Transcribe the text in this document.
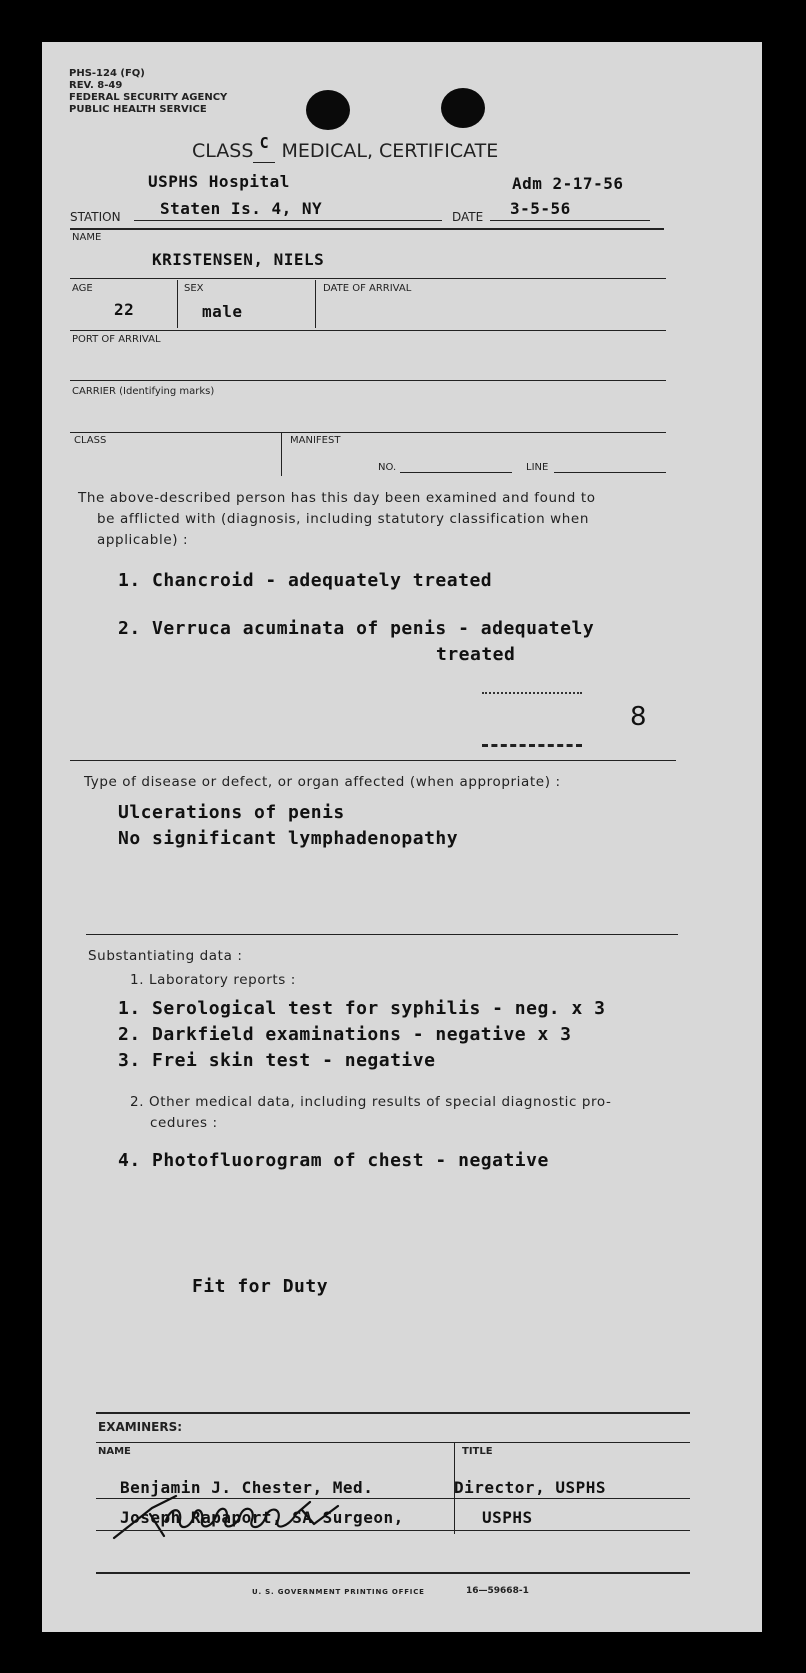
PHS-124 (FQ)
REV. 8-49
FEDERAL SECURITY AGENCY
PUBLIC HEALTH SERVICE
CLASS $^C$ MEDICAL, CERTIFICATE
USPHS Hospital	Adm 2-17-56
STATION Staten Is. 4, NY	DATE 3-5-56
NAME
KRISTENSEN, NIELS
AGE	SEX	DATE OF ARRIVAL
22	male
PORT OF ARRIVAL
CARRIER (Identifying marks)
CLASS	MANIFEST
NO.	LINE
The above-described person has this day been examined and found to
be afflicted with (diagnosis, including statutory classification when
applicable) :
1. Chancroid - adequately treated
2. Verruca acuminata of penis - adequately
treated
8
Type of disease or defect, or organ affected (when appropriate) :
Ulcerations of penis
No significant lymphadenopathy
Substantiating data :
1. Laboratory reports :
1. Serological test for syphilis - neg. x 3
2. Darkfield examinations - negative x 3
3. Frei skin test - negative
2. Other medical data, including results of special diagnostic pro-
cedures :
4. Photofluorogram of chest - negative
Fit for Duty
EXAMINERS:
NAME	TITLE
Benjamin J. Chester, Med.	Director, USPHS
Joseph Rapaport, SA Surgeon,	USPHS
U. S. GOVERNMENT PRINTING OFFICE	16—59668-1
